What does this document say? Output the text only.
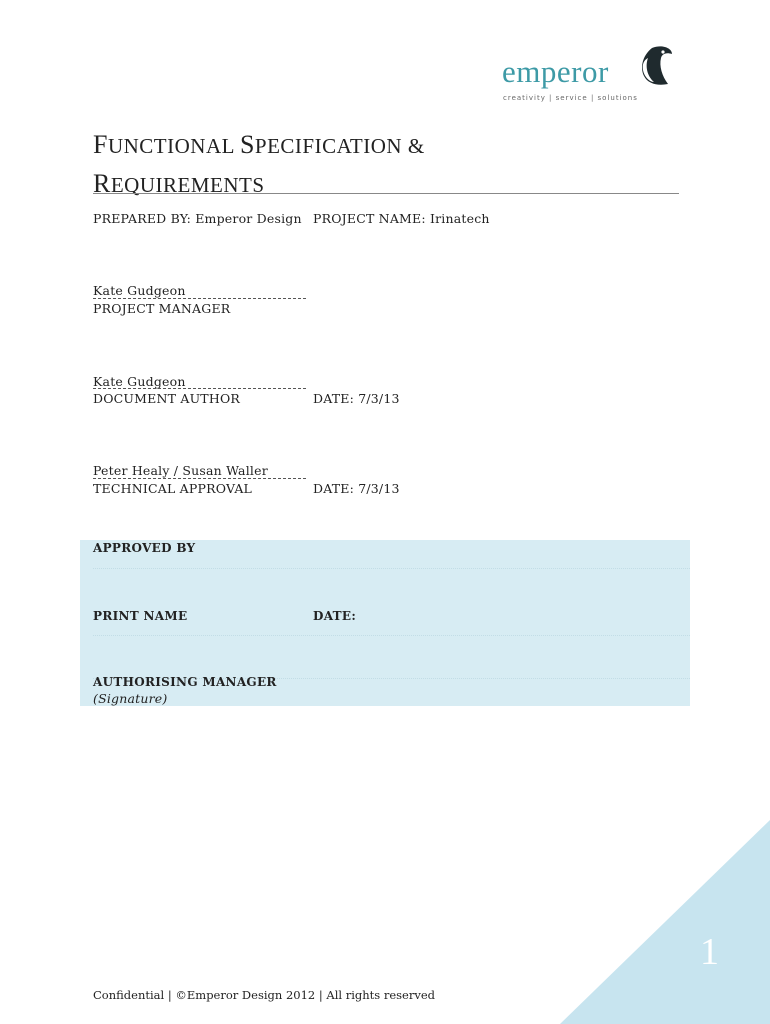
emperor
creativity | service | solutions
FUNCTIONAL SPECIFICATION &
REQUIREMENTS
PREPARED BY: Emperor Design PROJECT NAME: Irinatech
Kate Gudgeon
PROJECT MANAGER
Kate Gudgeon
DOCUMENT AUTHOR	DATE: 7/3/13
Peter Healy / Susan Waller
TECHNICAL APPROVAL	DATE: 7/3/13
APPROVED BY
PRINT NAME	DATE:
AUTHORISING MANAGER
(Signature)
1
Confidential | ©Emperor Design 2012 | All rights reserved
